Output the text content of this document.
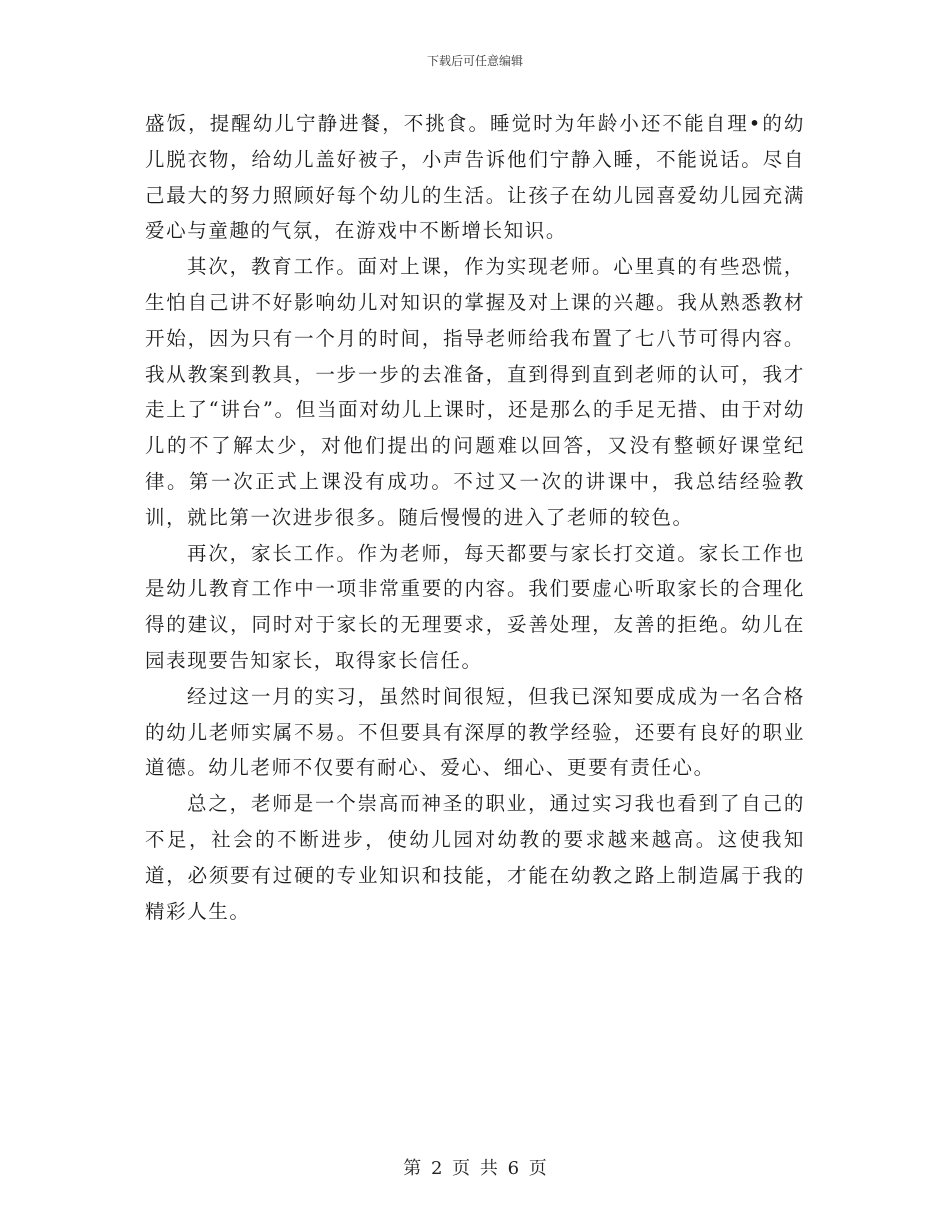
下载后可任意编辑

盛饭，提醒幼儿宁静进餐，不挑食。睡觉时为年龄小还不能自理•的幼儿脱衣物，给幼儿盖好被子，小声告诉他们宁静入睡，不能说话。尽自己最大的努力照顾好每个幼儿的生活。让孩子在幼儿园喜爱幼儿园充满爱心与童趣的气氛，在游戏中不断增长知识。

其次，教育工作。面对上课，作为实现老师。心里真的有些恐慌，生怕自己讲不好影响幼儿对知识的掌握及对上课的兴趣。我从熟悉教材开始，因为只有一个月的时间，指导老师给我布置了七八节可得内容。我从教案到教具，一步一步的去准备，直到得到直到老师的认可，我才走上了“讲台”。但当面对幼儿上课时，还是那么的手足无措、由于对幼儿的不了解太少，对他们提出的问题难以回答，又没有整顿好课堂纪律。第一次正式上课没有成功。不过又一次的讲课中，我总结经验教训，就比第一次进步很多。随后慢慢的进入了老师的较色。

再次，家长工作。作为老师，每天都要与家长打交道。家长工作也是幼儿教育工作中一项非常重要的内容。我们要虚心听取家长的合理化得的建议，同时对于家长的无理要求，妥善处理，友善的拒绝。幼儿在园表现要告知家长，取得家长信任。

经过这一月的实习，虽然时间很短，但我已深知要成成为一名合格的幼儿老师实属不易。不但要具有深厚的教学经验，还要有良好的职业道德。幼儿老师不仅要有耐心、爱心、细心、更要有责任心。

总之，老师是一个崇高而神圣的职业，通过实习我也看到了自己的不足，社会的不断进步，使幼儿园对幼教的要求越来越高。这使我知道，必须要有过硬的专业知识和技能，才能在幼教之路上制造属于我的精彩人生。

第 2 页 共 6 页
